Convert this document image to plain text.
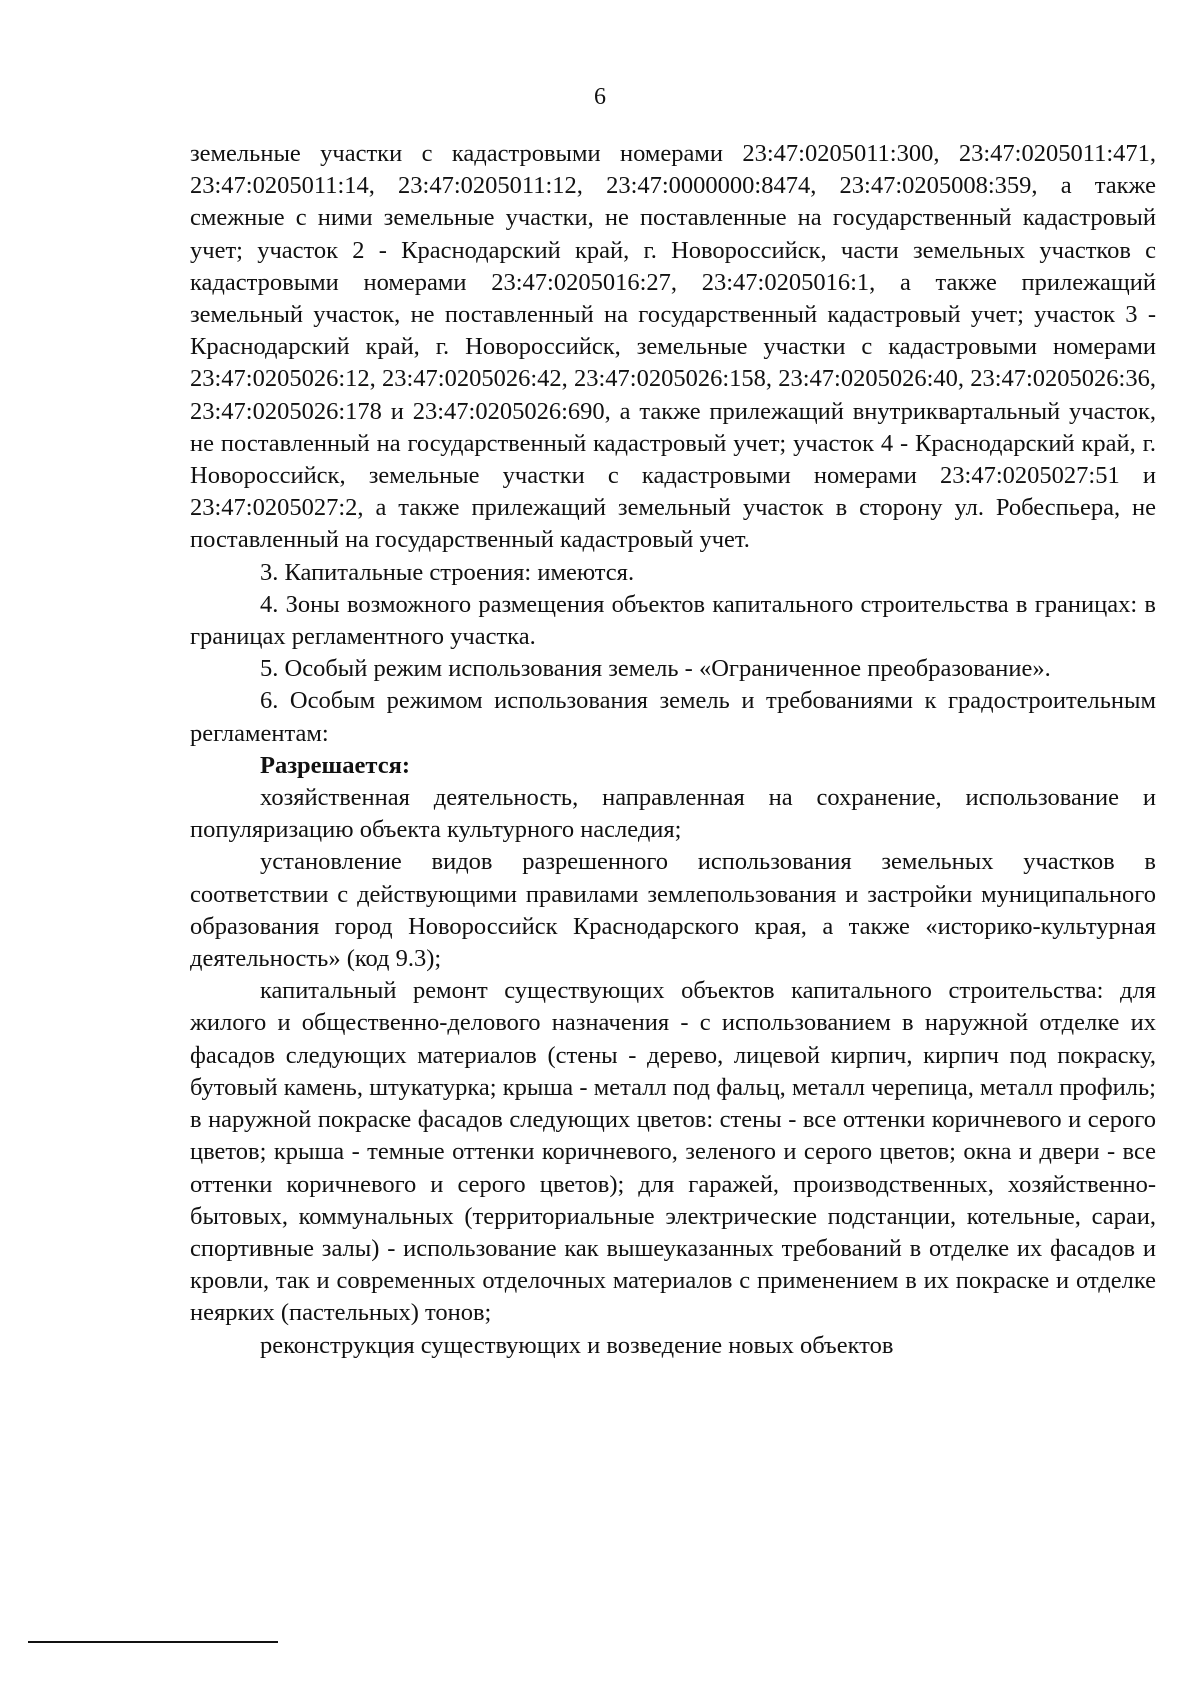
6

земельные участки с кадастровыми номерами 23:47:0205011:300, 23:47:0205011:471, 23:47:0205011:14, 23:47:0205011:12, 23:47:0000000:8474, 23:47:0205008:359, а также смежные с ними земельные участки, не поставленные на государственный кадастровый учет; участок 2 - Краснодарский край, г. Новороссийск, части земельных участков с кадастровыми номерами 23:47:0205016:27, 23:47:0205016:1, а также прилежащий земельный участок, не поставленный на государственный кадастровый учет; участок 3 - Краснодарский край, г. Новороссийск, земельные участки с кадастровыми номерами 23:47:0205026:12, 23:47:0205026:42, 23:47:0205026:158, 23:47:0205026:40, 23:47:0205026:36, 23:47:0205026:178 и 23:47:0205026:690, а также прилежащий внутриквартальный участок, не поставленный на государственный кадастровый учет; участок 4 - Краснодарский край, г. Новороссийск, земельные участки с кадастровыми номерами 23:47:0205027:51 и 23:47:0205027:2, а также прилежащий земельный участок в сторону ул. Робеспьера, не поставленный на государственный кадастровый учет.

3. Капитальные строения: имеются.

4. Зоны возможного размещения объектов капитального строительства в границах: в границах регламентного участка.

5. Особый режим использования земель - «Ограниченное преобразование».

6. Особым режимом использования земель и требованиями к градостроительным регламентам:

Разрешается:

хозяйственная деятельность, направленная на сохранение, использование и популяризацию объекта культурного наследия;

установление видов разрешенного использования земельных участков в соответствии с действующими правилами землепользования и застройки муниципального образования город Новороссийск Краснодарского края, а также «историко-культурная деятельность» (код 9.3);

капитальный ремонт существующих объектов капитального строительства: для жилого и общественно-делового назначения - с использованием в наружной отделке их фасадов следующих материалов (стены - дерево, лицевой кирпич, кирпич под покраску, бутовый камень, штукатурка; крыша - металл под фальц, металл черепица, металл профиль; в наружной покраске фасадов следующих цветов: стены - все оттенки коричневого и серого цветов; крыша - темные оттенки коричневого, зеленого и серого цветов; окна и двери - все оттенки коричневого и серого цветов); для гаражей, производственных, хозяйственно-бытовых, коммунальных (территориальные электрические подстанции, котельные, сараи, спортивные залы) - использование как вышеуказанных требований в отделке их фасадов и кровли, так и современных отделочных материалов с применением в их покраске и отделке неярких (пастельных) тонов;

реконструкция существующих и возведение новых объектов
